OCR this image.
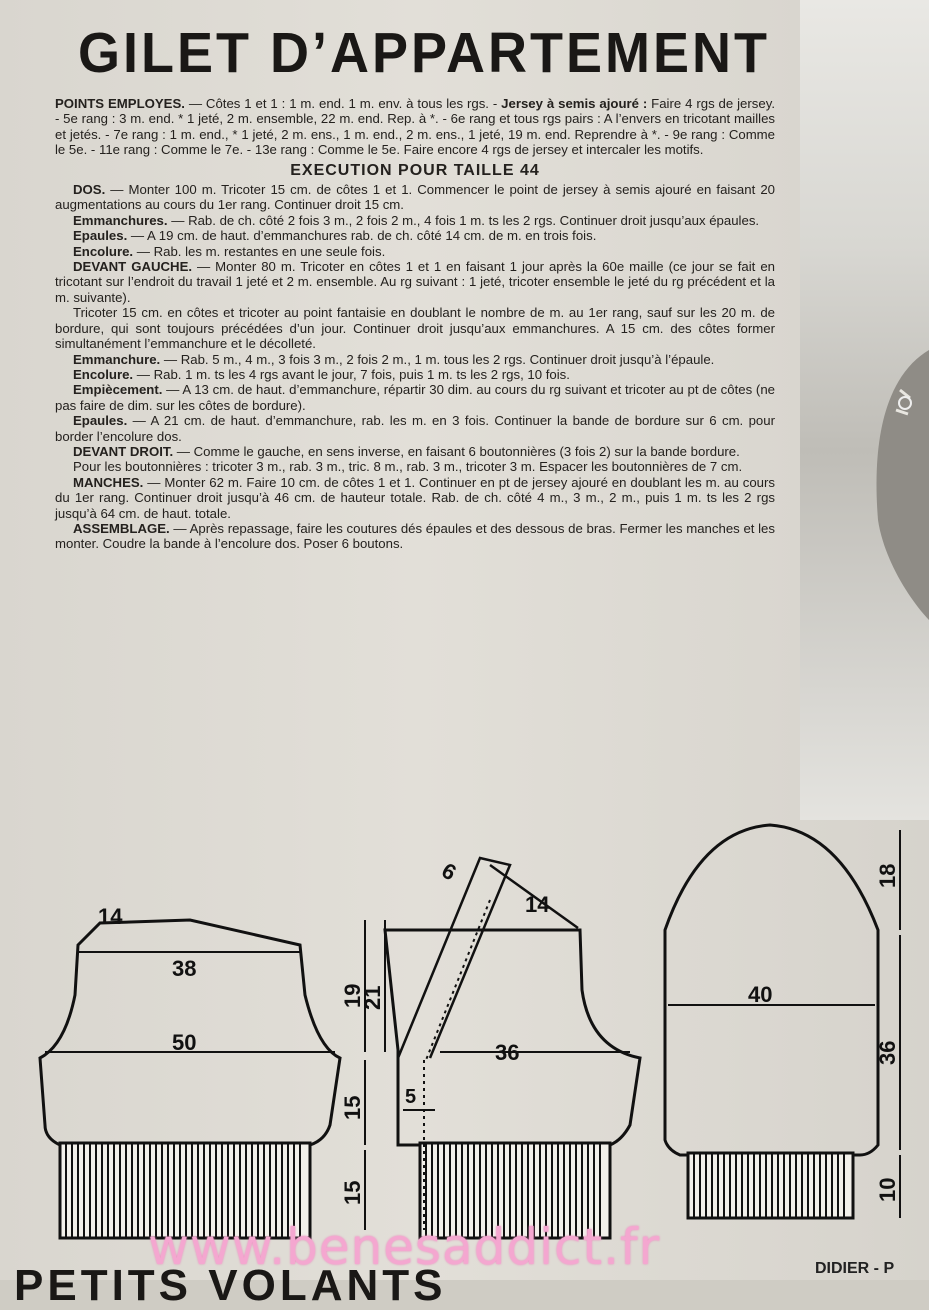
GILET D’APPARTEMENT

POINTS EMPLOYES. — Côtes 1 et 1 : 1 m. end. 1 m. env. à tous les rgs. - Jersey à semis ajouré : Faire 4 rgs de jersey. - 5e rang : 3 m. end. * 1 jeté, 2 m. ensemble, 22 m. end. Rep. à *. - 6e rang et tous rgs pairs : A l’envers en tricotant mailles et jetés. - 7e rang : 1 m. end., * 1 jeté, 2 m. ens., 1 m. end., 2 m. ens., 1 jeté, 19 m. end. Reprendre à *. - 9e rang : Comme le 5e. - 11e rang : Comme le 7e. - 13e rang : Comme le 5e. Faire encore 4 rgs de jersey et intercaler les motifs.

EXECUTION POUR TAILLE 44

DOS. — Monter 100 m. Tricoter 15 cm. de côtes 1 et 1. Commencer le point de jersey à semis ajouré en faisant 20 augmentations au cours du 1er rang. Continuer droit 15 cm.

Emmanchures. — Rab. de ch. côté 2 fois 3 m., 2 fois 2 m., 4 fois 1 m. ts les 2 rgs. Continuer droit jusqu’aux épaules.

Epaules. — A 19 cm. de haut. d’emmanchures rab. de ch. côté 14 cm. de m. en trois fois.

Encolure. — Rab. les m. restantes en une seule fois.

DEVANT GAUCHE. — Monter 80 m. Tricoter en côtes 1 et 1 en faisant 1 jour après la 60e maille (ce jour se fait en tricotant sur l’endroit du travail 1 jeté et 2 m. ensemble. Au rg suivant : 1 jeté, tricoter ensemble le jeté du rg précédent et la m. suivante).

Tricoter 15 cm. en côtes et tricoter au point fantaisie en doublant le nombre de m. au 1er rang, sauf sur les 20 m. de bordure, qui sont toujours précédées d’un jour. Continuer droit jusqu’aux emmanchures. A 15 cm. des côtes former simultanément l’emmanchure et le décolleté.

Emmanchure. — Rab. 5 m., 4 m., 3 fois 3 m., 2 fois 2 m., 1 m. tous les 2 rgs. Continuer droit jusqu’à l’épaule.

Encolure. — Rab. 1 m. ts les 4 rgs avant le jour, 7 fois, puis 1 m. ts les 2 rgs, 10 fois.

Empiècement. — A 13 cm. de haut. d’emmanchure, répartir 30 dim. au cours du rg suivant et tricoter au pt de côtes (ne pas faire de dim. sur les côtes de bordure).

Epaules. — A 21 cm. de haut. d’emmanchure, rab. les m. en 3 fois. Continuer la bande de bordure sur 6 cm. pour border l’encolure dos.

DEVANT DROIT. — Comme le gauche, en sens inverse, en faisant 6 boutonnières (3 fois 2) sur la bande bordure.

Pour les boutonnières : tricoter 3 m., rab. 3 m., tric. 8 m., rab. 3 m., tricoter 3 m. Espacer les boutonnières de 7 cm.

MANCHES. — Monter 62 m. Faire 10 cm. de côtes 1 et 1. Continuer en pt de jersey ajouré en doublant les m. au cours du 1er rang. Continuer droit jusqu’à 46 cm. de hauteur totale. Rab. de ch. côté 4 m., 3 m., 2 m., puis 1 m. ts les 2 rgs jusqu’à 64 cm. de haut. totale.

ASSEMBLAGE. — Après repassage, faire les coutures dés épaules et des dessous de bras. Fermer les manches et les monter. Coudre la bande à l’encolure dos. Poser 6 boutons.

14
38
50
19
15
15
6
14
21
36
5
40
18
36
10
PETITS VOLANTS	DIDIER - P
www.benesaddict.fr
